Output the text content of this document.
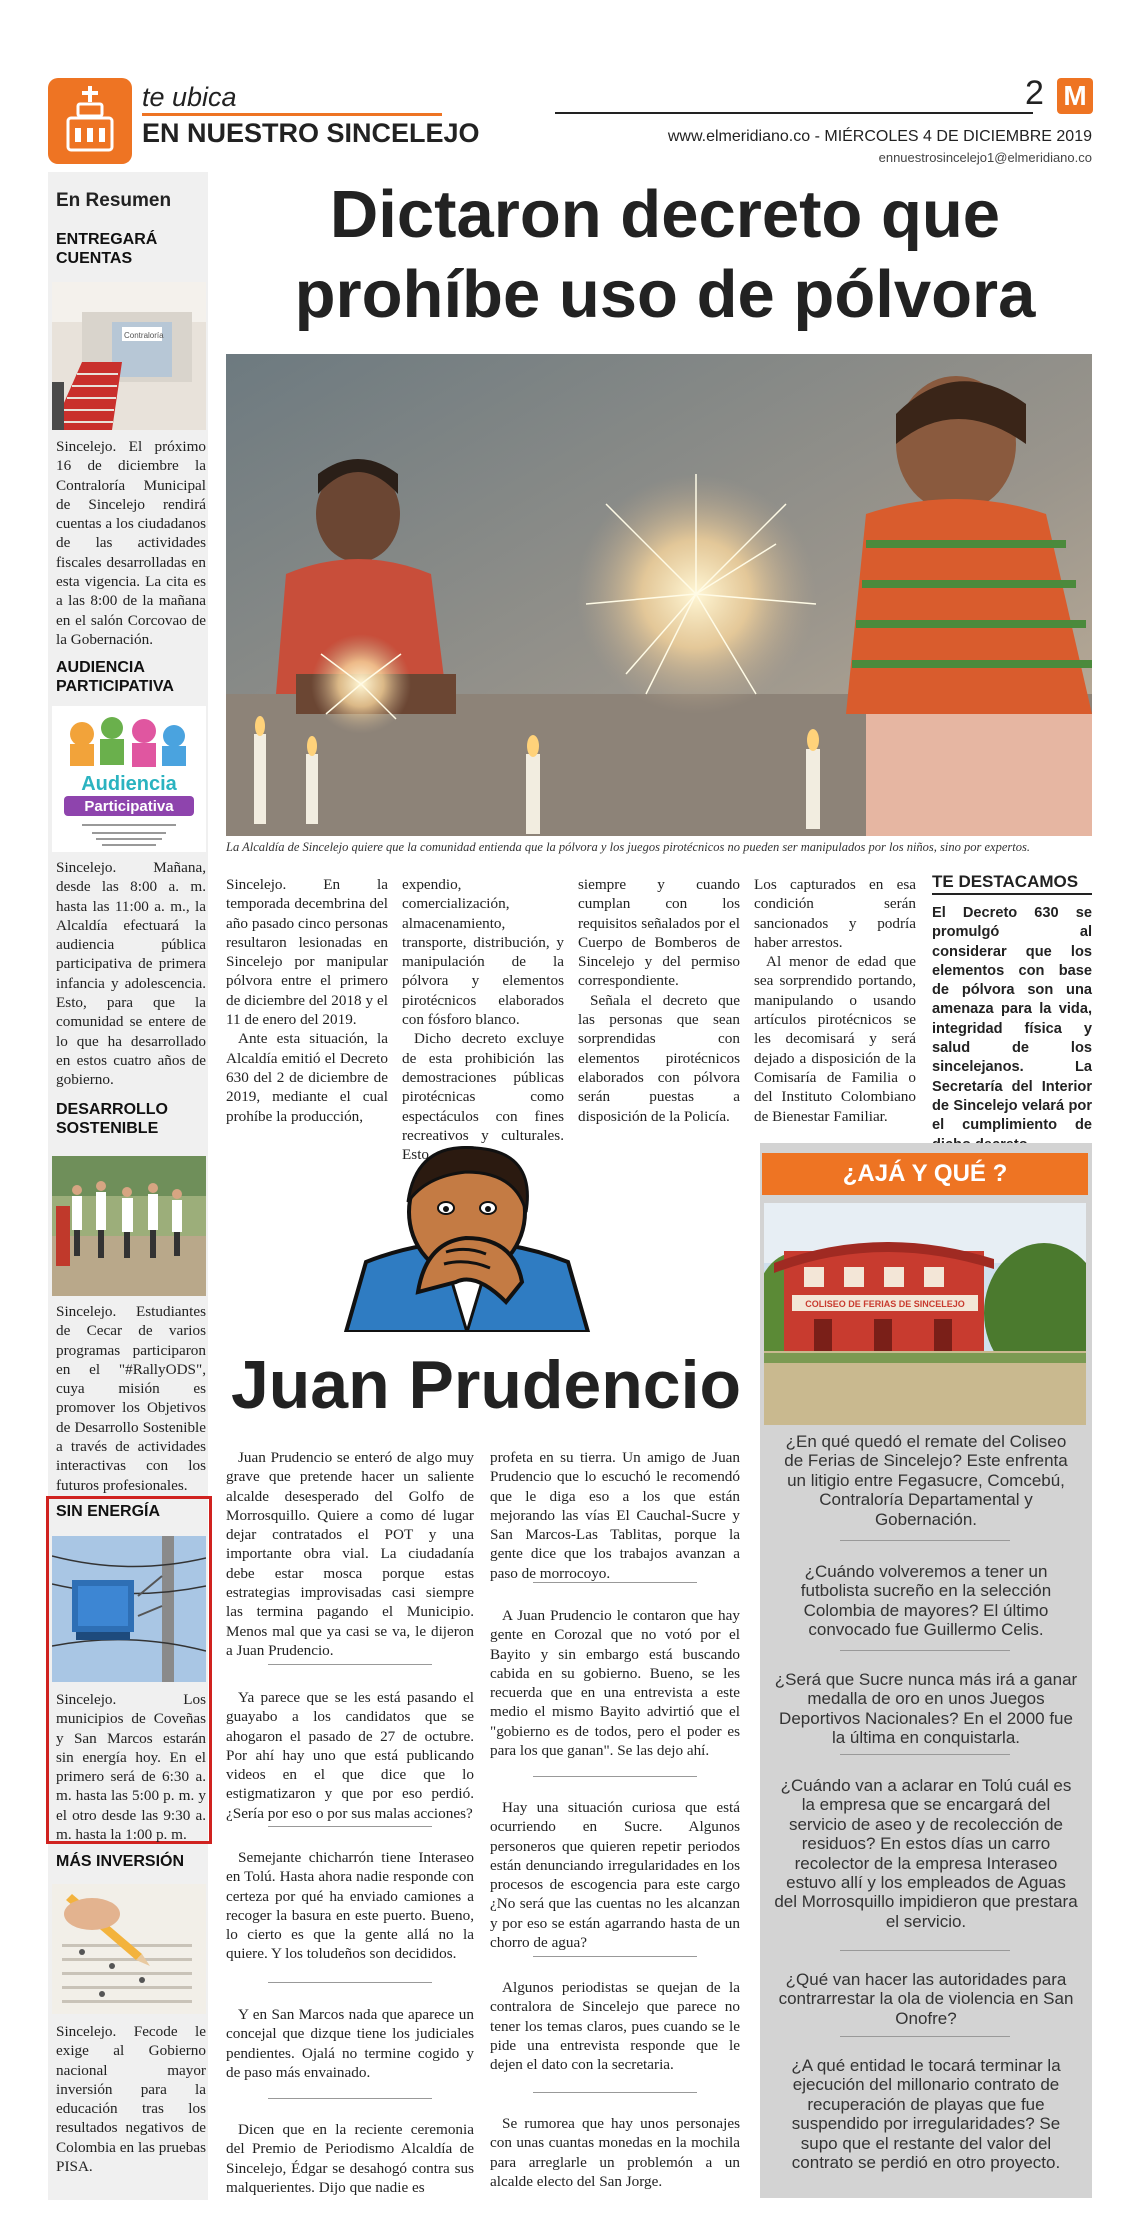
te ubica
EN NUESTRO SINCELEJO
2 M
www.elmeridiano.co - MIÉRCOLES 4 DE DICIEMBRE 2019
ennuestrosincelejo1@elmeridiano.co
En Resumen
ENTREGARÁ CUENTAS
Contraloría
Sincelejo. El próximo 16 de diciembre la Contraloría Municipal de Sincelejo rendirá cuentas a los ciudadanos de las actividades fiscales desarrolladas en esta vigencia. La cita es a las 8:00 de la mañana en el salón Corcovao de la Gobernación.
AUDIENCIA PARTICIPATIVA
Audiencia
Participativa
Sincelejo. Mañana, desde las 8:00 a. m. hasta las 11:00 a. m., la Alcaldía efectuará la audiencia pública participativa de primera infancia y adolescencia. Esto, para que la comunidad se entere de lo que ha desarrollado en estos cuatro años de gobierno.
DESARROLLO SOSTENIBLE
Sincelejo. Estudiantes de Cecar de varios programas participaron en el "#RallyODS", cuya misión es promover los Objetivos de Desarrollo Sostenible a través de actividades interactivas con los futuros profesionales.
SIN ENERGÍA
Sincelejo. Los municipios de Coveñas y San Marcos estarán sin energía hoy. En el primero será de 6:30 a. m. hasta las 5:00 p. m. y el otro desde las 9:30 a. m. hasta la 1:00 p. m.
MÁS INVERSIÓN
Sincelejo. Fecode le exige al Gobierno nacional mayor inversión para la educación tras los resultados negativos de Colombia en las pruebas PISA.
Dictaron decreto que prohíbe uso de pólvora
La Alcaldía de Sincelejo quiere que la comunidad entienda que la pólvora y los juegos pirotécnicos no pueden ser manipulados por los niños, sino por expertos.

Sincelejo. En la temporada decembrina del año pasado cinco personas resultaron lesionadas en Sincelejo por manipular pólvora entre el primero de diciembre del 2018 y el 11 de enero del 2019.

Ante esta situación, la Alcaldía emitió el Decreto 630 del 2 de diciembre de 2019, mediante el cual prohíbe la producción,

expendio, comercialización, almacenamiento, transporte, distribución, y manipulación de la pólvora y elementos pirotécnicos elaborados con fósforo blanco.

Dicho decreto excluye de esta prohibición las demostraciones públicas pirotécnicas como espectáculos con fines recreativos y culturales. Esto

siempre y cuando cumplan con los requisitos señalados por el Cuerpo de Bomberos de Sincelejo y del permiso correspondiente.

Señala el decreto que las personas que sean sorprendidas con elementos pirotécnicos elaborados con pólvora serán puestas a disposición de la Policía.

Los capturados en esa condición serán sancionados y podría haber arrestos.

Al menor de edad que sea sorprendido portando, manipulando o usando artículos pirotécnicos se les decomisará y será dejado a disposición de la Comisaría de Familia o del Instituto Colombiano de Bienestar Familiar.

TE DESTACAMOS
El Decreto 630 se promulgó al considerar que los elementos con base de pólvora son una amenaza para la vida, integridad física y salud de los sincelejanos. La Secretaría del Interior de Sincelejo velará por el cumplimiento de
Juan Prudencio

Juan Prudencio se enteró de algo muy grave que pretende hacer un saliente alcalde desesperado del Golfo de Morrosquillo. Quiere a como dé lugar dejar contratados el POT y una importante obra vial. La ciudadanía debe estar mosca porque estas estrategias improvisadas casi siempre las termina pagando el Municipio. Menos mal que ya casi se va, le dijeron a Juan Prudencio.

Ya parece que se les está pasando el guayabo a los candidatos que se ahogaron el pasado de 27 de octubre. Por ahí hay uno que está publicando videos en el que dice que lo estigmatizaron y que por eso perdió. ¿Sería por eso o por sus malas acciones?

Semejante chicharrón tiene Interaseo en Tolú. Hasta ahora nadie responde con certeza por qué ha enviado camiones a recoger la basura en este puerto. Bueno, lo cierto es que la gente allá no la quiere. Y los toludeños son decididos.

Y en San Marcos nada que aparece un concejal que dizque tiene los judiciales pendientes. Ojalá no termine cogido y de paso más envainado.

Dicen que en la reciente ceremonia del Premio de Periodismo Alcaldía de Sincelejo, Édgar se desahogó contra sus malquerientes. Dijo que nadie es

profeta en su tierra. Un amigo de Juan Prudencio que lo escuchó le recomendó que le diga eso a los que están mejorando las vías El Cauchal-Sucre y San Marcos-Las Tablitas, porque la gente dice que los trabajos avanzan a paso de morrocoyo.

A Juan Prudencio le contaron que hay gente en Corozal que no votó por el Bayito y sin embargo está buscando cabida en su gobierno. Bueno, se les recuerda que en una entrevista a este medio el mismo Bayito advirtió que el "gobierno es de todos, pero el poder es para los que ganan". Se las dejo ahí.

Hay una situación curiosa que está ocurriendo en Sucre. Algunos personeros que quieren repetir periodos están denunciando irregularidades en los procesos de escogencia para este cargo ¿No será que las cuentas no les alcanzan y por eso se están agarrando hasta de un chorro de agua?

Algunos periodistas se quejan de la contralora de Sincelejo que parece no tener los temas claros, pues cuando se le pide una entrevista responde que le dejen el dato con la secretaria.

Se rumorea que hay unos personajes con unas cuantas monedas en la mochila para arreglarle un problemón a un alcalde electo del San Jorge.

¿AJÁ Y QUÉ ?
COLISEO DE FERIAS DE SINCELEJO

¿En qué quedó el remate del Coliseo de Ferias de Sincelejo? Este enfrenta un litigio entre Fegasucre, Comcebú, Contraloría Departamental y Gobernación.

¿Cuándo volveremos a tener un futbolista sucreño en la selección Colombia de mayores? El último convocado fue Guillermo Celis.

¿Será que Sucre nunca más irá a ganar medalla de oro en unos Juegos Deportivos Nacionales? En el 2000 fue la última en conquistarla.

¿Cuándo van a aclarar en Tolú cuál es la empresa que se encargará del servicio de aseo y de recolección de residuos? En estos días un carro recolector de la empresa Interaseo estuvo allí y los empleados de Aguas del Morrosquillo impidieron que prestara el servicio.

¿Qué van hacer las autoridades para contrarrestar la ola de violencia en San Onofre?

¿A qué entidad le tocará terminar la ejecución del millonario contrato de recuperación de playas que fue suspendido por irregularidades? Se supo que el restante del valor del contrato se perdió en otro proyecto.
